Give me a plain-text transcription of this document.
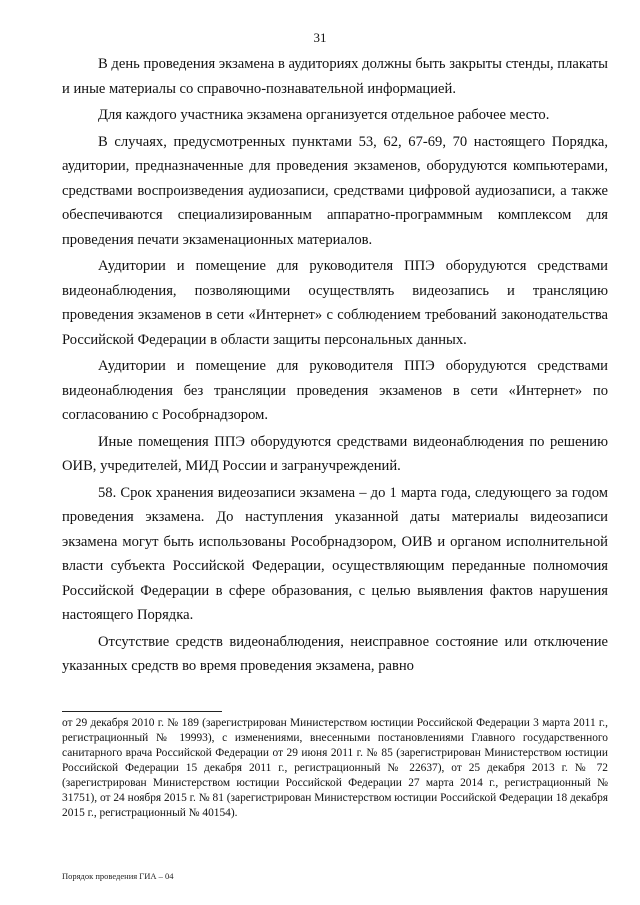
31

В день проведения экзамена в аудиториях должны быть закрыты стенды, плакаты и иные материалы со справочно-познавательной информацией.

Для каждого участника экзамена организуется отдельное рабочее место.

В случаях, предусмотренных пунктами 53, 62, 67-69, 70 настоящего Порядка, аудитории, предназначенные для проведения экзаменов, оборудуются компьютерами, средствами воспроизведения аудиозаписи, средствами цифровой аудиозаписи, а также обеспечиваются специализированным аппаратно-программным комплексом для проведения печати экзаменационных материалов.

Аудитории и помещение для руководителя ППЭ оборудуются средствами видеонаблюдения, позволяющими осуществлять видеозапись и трансляцию проведения экзаменов в сети «Интернет» с соблюдением требований законодательства Российской Федерации в области защиты персональных данных.

Аудитории и помещение для руководителя ППЭ оборудуются средствами видеонаблюдения без трансляции проведения экзаменов в сети «Интернет» по согласованию с Рособрнадзором.

Иные помещения ППЭ оборудуются средствами видеонаблюдения по решению ОИВ, учредителей, МИД России и загранучреждений.

58. Срок хранения видеозаписи экзамена – до 1 марта года, следующего за годом проведения экзамена. До наступления указанной даты материалы видеозаписи экзамена могут быть использованы Рособрнадзором, ОИВ и органом исполнительной власти субъекта Российской Федерации, осуществляющим переданные полномочия Российской Федерации в сфере образования, с целью выявления фактов нарушения настоящего Порядка.

Отсутствие средств видеонаблюдения, неисправное состояние или отключение указанных средств во время проведения экзамена, равно

от 29 декабря 2010 г. № 189 (зарегистрирован Министерством юстиции Российской Федерации 3 марта 2011 г., регистрационный № 19993), с изменениями, внесенными постановлениями Главного государственного санитарного врача Российской Федерации от 29 июня 2011 г. № 85 (зарегистрирован Министерством юстиции Российской Федерации 15 декабря 2011 г., регистрационный № 22637), от 25 декабря 2013 г. № 72 (зарегистрирован Министерством юстиции Российской Федерации 27 марта 2014 г., регистрационный № 31751), от 24 ноября 2015 г. № 81 (зарегистрирован Министерством юстиции Российской Федерации 18 декабря 2015 г., регистрационный № 40154).
Порядок проведения ГИА – 04
